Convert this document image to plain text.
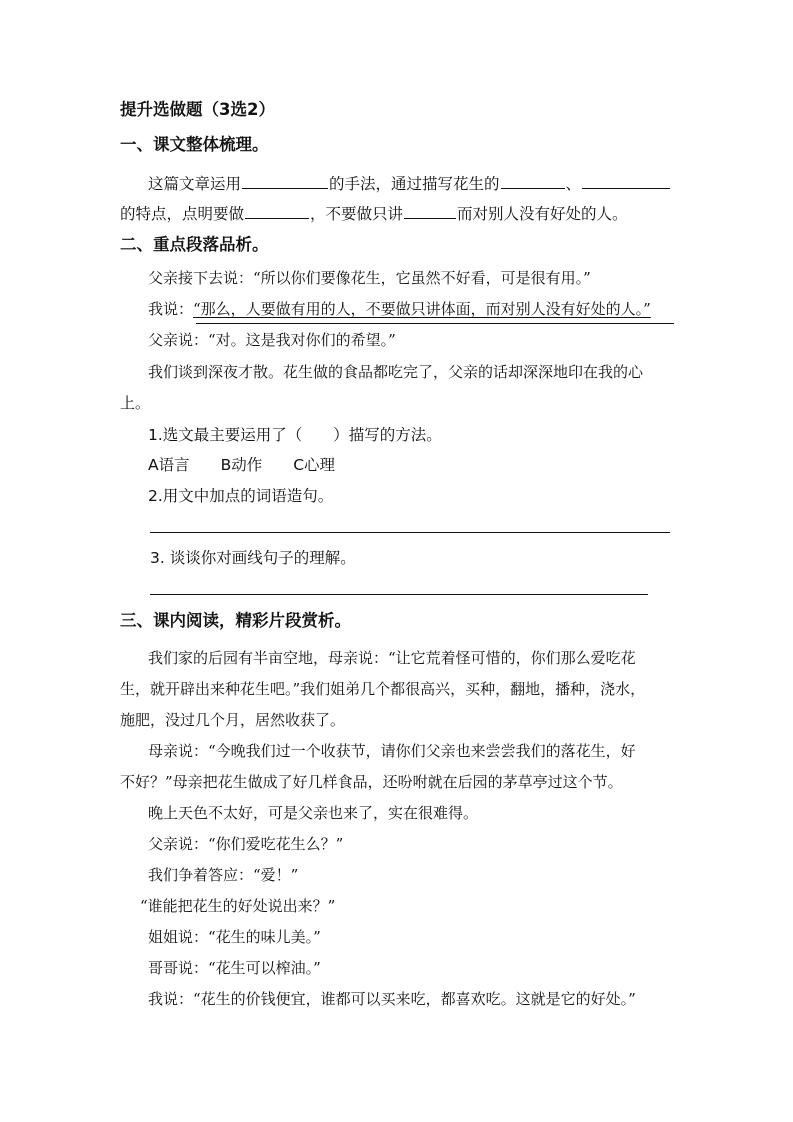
提升选做题（3选2）
一、课文整体梳理。
这篇文章运用	的手法，通过描写花生的	、
的特点，点明要做	，不要做只讲	而对别人没有好处的人。
二、重点段落品析。
父亲接下去说：“所以你们要像花生，它虽然不好看，可是很有用。”
我说：“那么，人要做有用的人，不要做只讲体面，而对别人没有好处的人。”
父亲说：“对。这是我对你们的希望。”
我们谈到深夜才散。花生做的食品都吃完了，父亲的话却深深地印在我的心
上。
1.选文最主要运用了（　　）描写的方法。
A语言　　B动作　　C心理
2.用文中加点的词语造句。
3. 谈谈你对画线句子的理解。
三、课内阅读，精彩片段赏析。
我们家的后园有半亩空地，母亲说：“让它荒着怪可惜的，你们那么爱吃花
生，就开辟出来种花生吧。”我们姐弟几个都很高兴，买种，翻地，播种，浇水，
施肥，没过几个月，居然收获了。
母亲说：“今晚我们过一个收获节，请你们父亲也来尝尝我们的落花生，好
不好？”母亲把花生做成了好几样食品，还吩咐就在后园的茅草亭过这个节。
晚上天色不太好，可是父亲也来了，实在很难得。
父亲说：“你们爱吃花生么？”
我们争着答应：“爱！”
“谁能把花生的好处说出来？”
姐姐说：“花生的味儿美。”
哥哥说：“花生可以榨油。”
我说：“花生的价钱便宜，谁都可以买来吃，都喜欢吃。这就是它的好处。”
